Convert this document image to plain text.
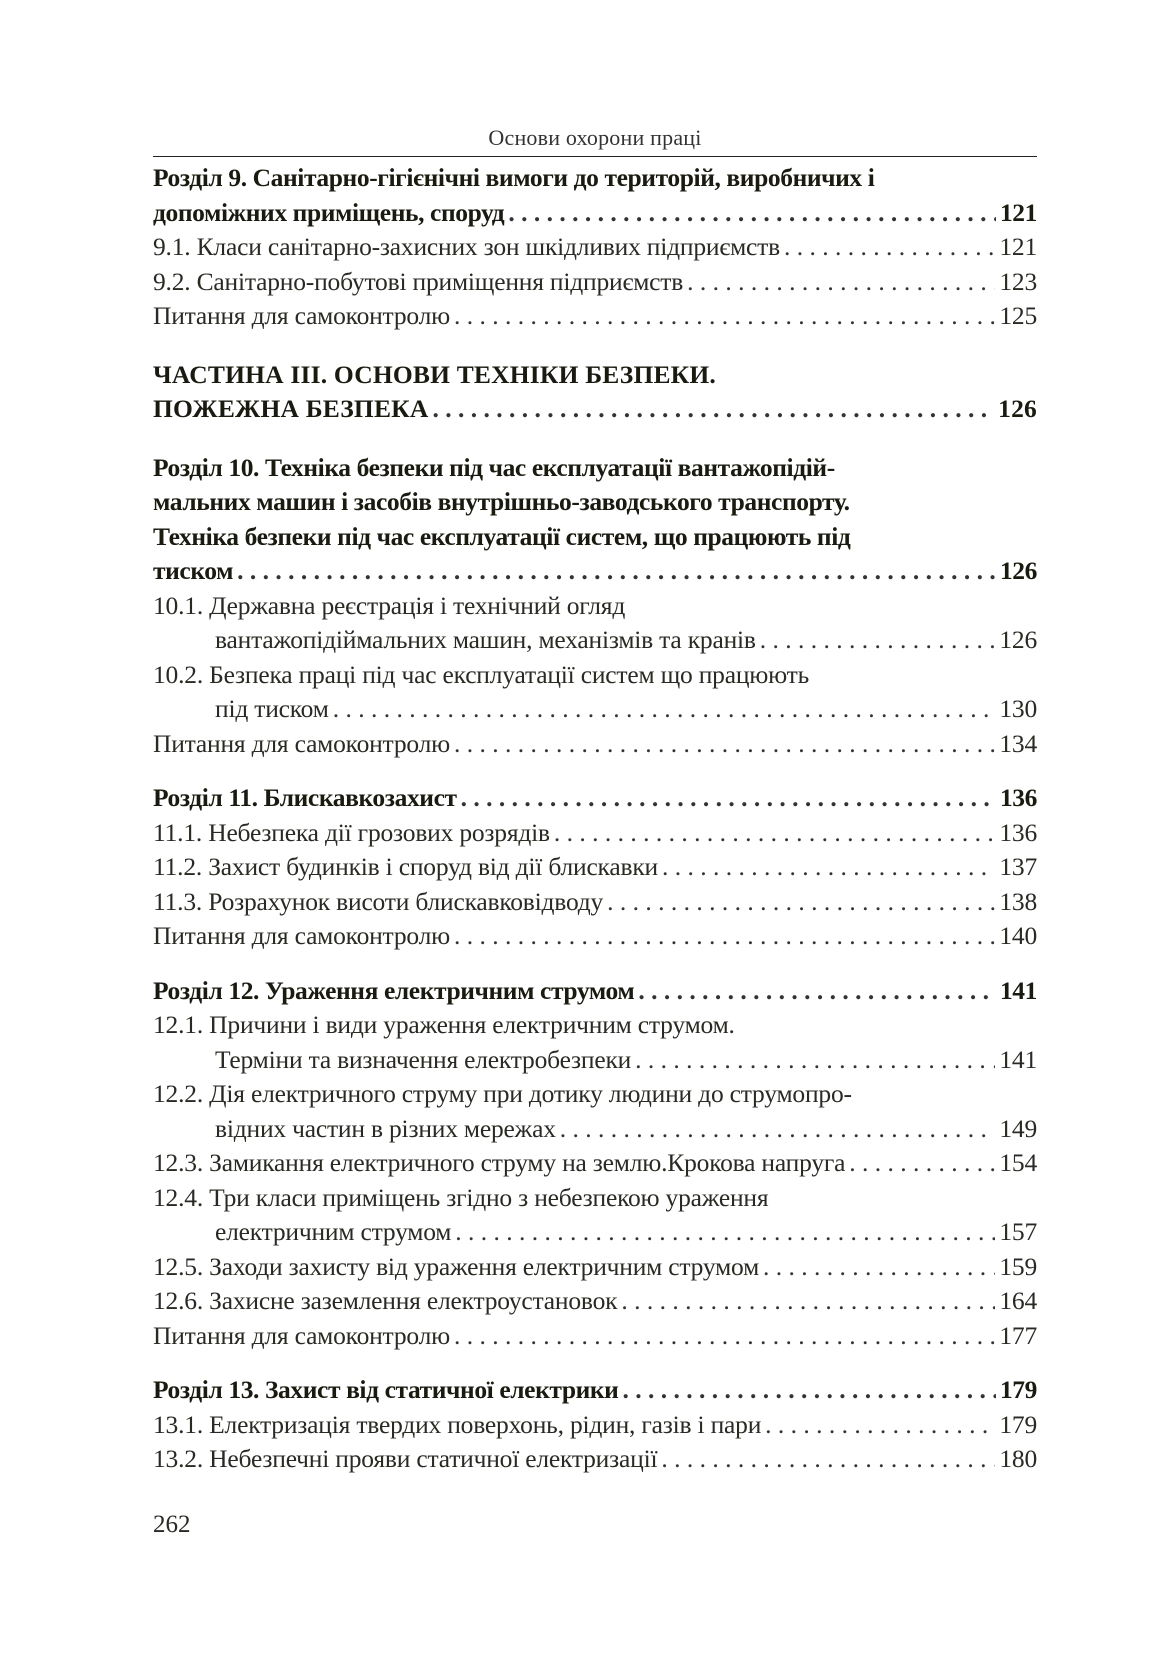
Основи охорони праці
Розділ 9. Санітарно-гігієнічні вимоги до територій, виробничих і
допоміжних приміщень, споруд . . .	121
9.1. Класи санітарно-захисних зон шкідливих підприємств . . .	121
9.2. Санітарно-побутові приміщення підприємств . . .	123
Питання для самоконтролю . . .	125
ЧАСТИНА ІІІ. ОСНОВИ ТЕХНІКИ БЕЗПЕКИ.
ПОЖЕЖНА БЕЗПЕКА . . .	126
Розділ 10. Техніка безпеки під час експлуатації вантажопідій-
мальних машин і засобів внутрішньо-заводського транспорту.
Техніка безпеки під час експлуатації систем, що працюють під
тиском . . .	126
10.1. Державна реєстрація і технічний огляд
вантажопідіймальних машин, механізмів та кранів . . .	126
10.2. Безпека праці під час експлуатації систем що працюють
під тиском . . .	130
Питання для самоконтролю . . .	134
Розділ 11. Блискавкозахист . . .	136
11.1. Небезпека дії грозових розрядів . . .	136
11.2. Захист будинків і споруд від дії блискавки . . .	137
11.3. Розрахунок висоти блискавковідводу . . .	138
Питання для самоконтролю . . .	140
Розділ 12. Ураження електричним струмом . . .	141
12.1. Причини і види ураження електричним струмом.
Терміни та визначення електробезпеки . . .	141
12.2. Дія електричного струму при дотику людини до струмопро-
відних частин в різних мережах . . .	149
12.3. Замикання електричного струму на землю.Крокова напруга . . .	154
12.4. Три класи приміщень згідно з небезпекою ураження
електричним струмом . . .	157
12.5. Заходи захисту від ураження електричним струмом . . .	159
12.6. Захисне заземлення електроустановок . . .	164
Питання для самоконтролю . . .	177
Розділ 13. Захист від статичної електрики . . .	179
13.1. Електризація твердих поверхонь, рідин, газів і пари . . .	179
13.2. Небезпечні прояви статичної електризації . . .	180
262
